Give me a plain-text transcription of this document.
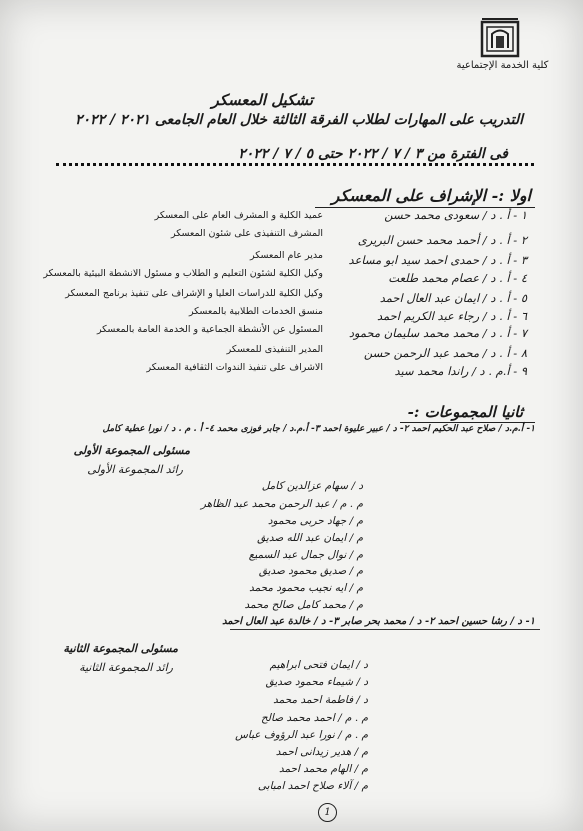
كلية الخدمة الإجتماعية
تشكيل المعسكر
التدريب على المهارات لطلاب الفرقة الثالثة خلال العام الجامعى ٢٠٢١ / ٢٠٢٢
فى الفترة من ٣ / ٧ / ٢٠٢٢ حتى ٥ / ٧ / ٢٠٢٢
اولا :- الإشراف على المعسكر
١ - أ . د / سعودى محمد حسن
عميد الكلية و المشرف العام على المعسكر
٢ - أ . د / أحمد محمد حسن البريرى
المشرف التنفيذى على شئون المعسكر
٣ - أ . د / حمدى احمد سيد ابو مساعد
مدير عام المعسكر
٤ - أ . د / عصام محمد طلعت
وكيل الكلية لشئون التعليم و الطلاب و مسئول الانشطة البيئية بالمعسكر
٥ - أ . د / ايمان عبد العال احمد
وكيل الكلية للدراسات العليا و الإشراف على تنفيذ برنامج المعسكر
٦ - أ . د / رجاء عبد الكريم احمد
منسق الخدمات الطلابية بالمعسكر
٧ - أ . د / محمد محمد سليمان محمود
المسئول عن الأنشطة الجماعية و الخدمة العامة بالمعسكر
٨ - أ . د / محمد عبد الرحمن حسن
المدير التنفيذى للمعسكر
٩ - أ.م . د / راندا محمد سيد
الاشراف على تنفيذ الندوات الثقافية المعسكر
ثانيا المجموعات :-
١- أ.م.د / صلاح عبد الحكيم احمد ٢- د / عبير عليوة احمد ٣- أ.م.د / جابر فوزى محمد ٤- أ . م . د / نورا عطية كامل
مسئولى المجموعة الأولى
رائد المجموعة الأولى
د / سهام عزالدين كامل
م . م / عبد الرحمن محمد عبد الظاهر
م / جهاد حربى محمود
م / ايمان عبد الله صديق
م / نوال جمال عبد السميع
م / صديق محمود صديق
م / ايه نجيب محمود محمد
م / محمد كامل صالح محمد
١- د / رشا حسين احمد ٢- د / محمد بحر صابر ٣- د / خالدة عبد العال احمد
مسئولى المجموعة الثانية
رائد المجموعة الثانية	د / ايمان فتحى ابراهيم
د / شيماء محمود صديق
د / فاطمة احمد محمد
م . م / احمد محمد صالح
م . م / نورا عبد الرؤوف عباس
م / هدير زيدانى احمد
م / الهام محمد احمد
م / آلاء صلاح احمد امبابى
1
